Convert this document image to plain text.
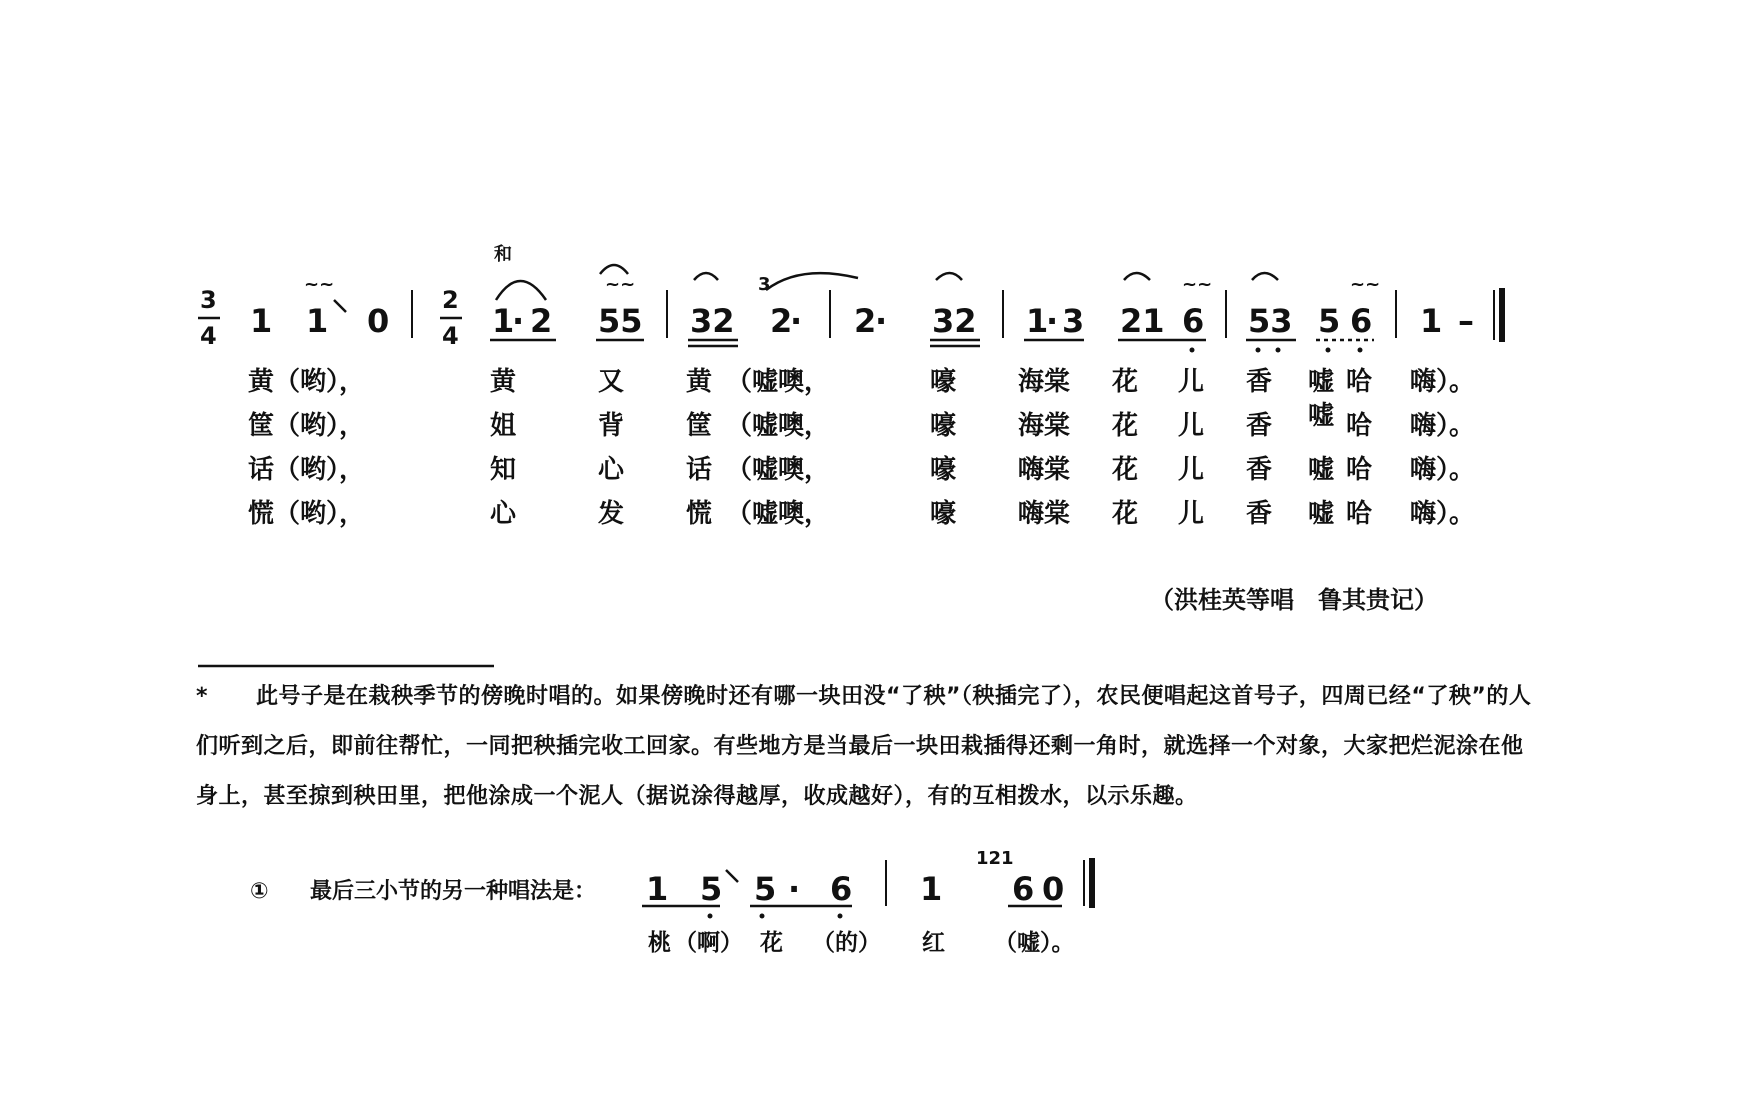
3
4 1 1
~~
0
2
4
和
1
· 2
~~
55 32
3
2
· 2
· 32 1
· 3 21
~~
6 53 5
~~
6 1 –
黄（哟），	黄	又 黄 （嘘噢，	嚎 海棠 花 儿 香 嘘 哈 嗨）。
筐（哟），	姐	背 筐 （嘘噢，	嚎 海棠 花 儿 香 嘘 哈 嗨）。
话（哟），	知	心 话 （嘘噢，	嚎 嗨棠 花 儿 香 嘘 哈 嗨）。
慌（哟），	心	发 慌 （嘘噢，	嚎 嗨棠 花 儿 香 嘘 哈 嗨）。
（洪桂英等唱　鲁其贵记）
① 最后三小节的另一种唱法是： 1 5 5 · 6 1
121
6 0
桃 （啊） 花 （的） 红 （嘘）。
* 此号子是在栽秧季节的傍晚时唱的。如果傍晚时还有哪一块田没“了秧”（秧插完了），农民便唱起这首号子，四周已经“了秧”的人们听到之后，即前往帮忙，一同把秧插完收工回家。有些地方是当最后一块田栽插得还剩一角时，就选择一个对象，大家把烂泥涂在他身上，甚至掠到秧田里，把他涂成一个泥人（据说涂得越厚，收成越好），有的互相拨水，以示乐趣。
